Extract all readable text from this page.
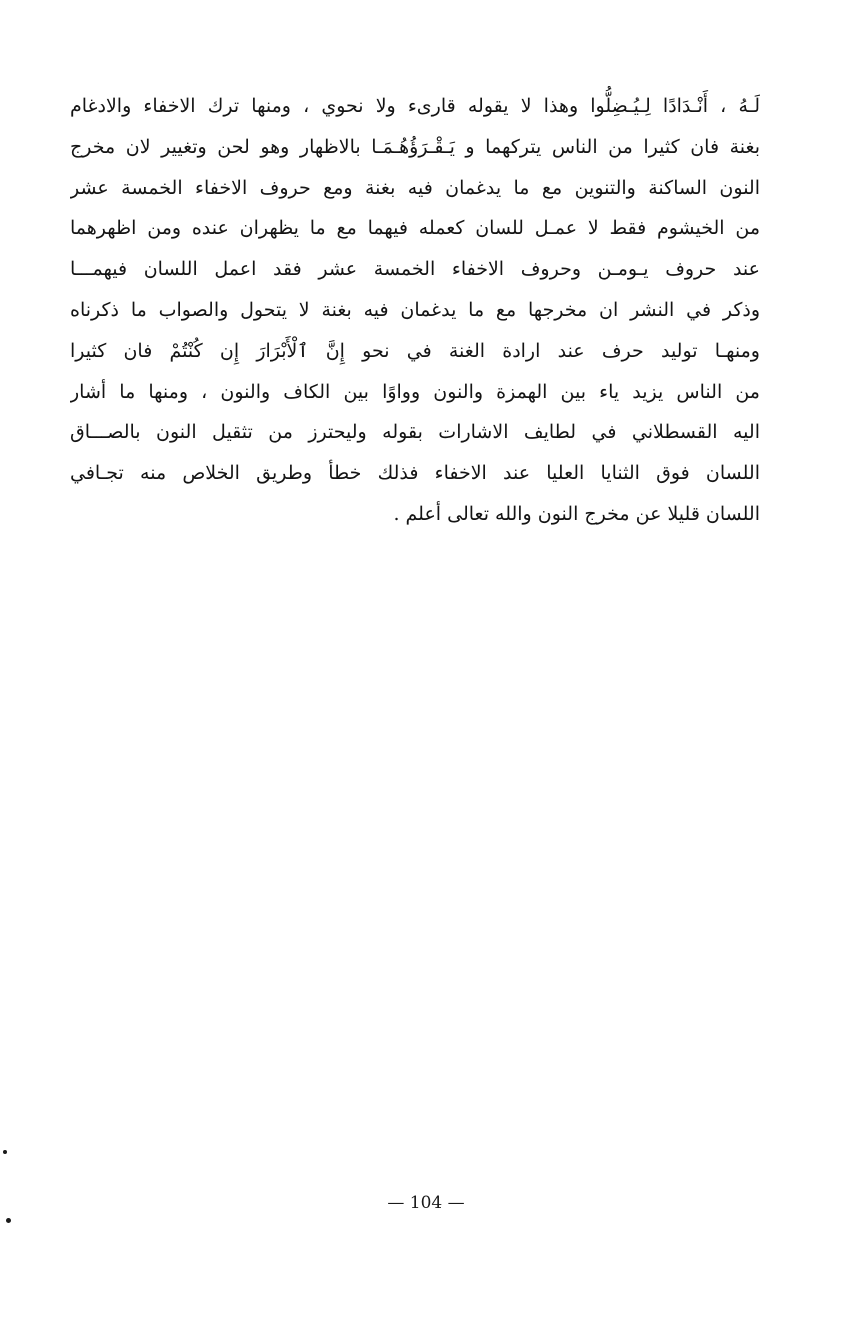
لَـهُ ، أَنْـدَادًا لِـيُـضِلُّوا وهذا لا يقوله قارىء ولا نحوي ، ومنها ترك الاخفاء والادغام
بغنة فان كثيرا من الناس يتركهما و يَـقْـرَؤُهُـمَـا بالاظهار وهو لحن وتغيير لان مخرج
النون الساكنة والتنوين مع ما يدغمان فيه بغنة ومع حروف الاخفاء الخمسة عشر
من الخيشوم فقط لا عمـل للسان كعمله فيهما مع ما يظهران عنده ومن اظهرهما
عند حروف يـومـن وحروف الاخفاء الخمسة عشر فقد اعمل اللسان فيهمـــا
وذكر في النشر ان مخرجها مع ما يدغمان فيه بغنة لا يتحول والصواب ما ذكرناه
ومنهـا توليد حرف عند ارادة الغنة في نحو إِنَّ ٱلْأَبْرَارَ إِن كُنْتُمْ فان كثيرا
من الناس يزيد ياء بين الهمزة والنون وواوًا بين الكاف والنون ، ومنها ما أشار
اليه القسطلاني في لطايف الاشارات بقوله وليحترز من تثقيل النون بالصـــاق
اللسان فوق الثنايا العليا عند الاخفاء فذلك خطأ وطريق الخلاص منه تجـافي
اللسان قليلا عن مخرج النون والله تعالى أعلم .
— 104 —
